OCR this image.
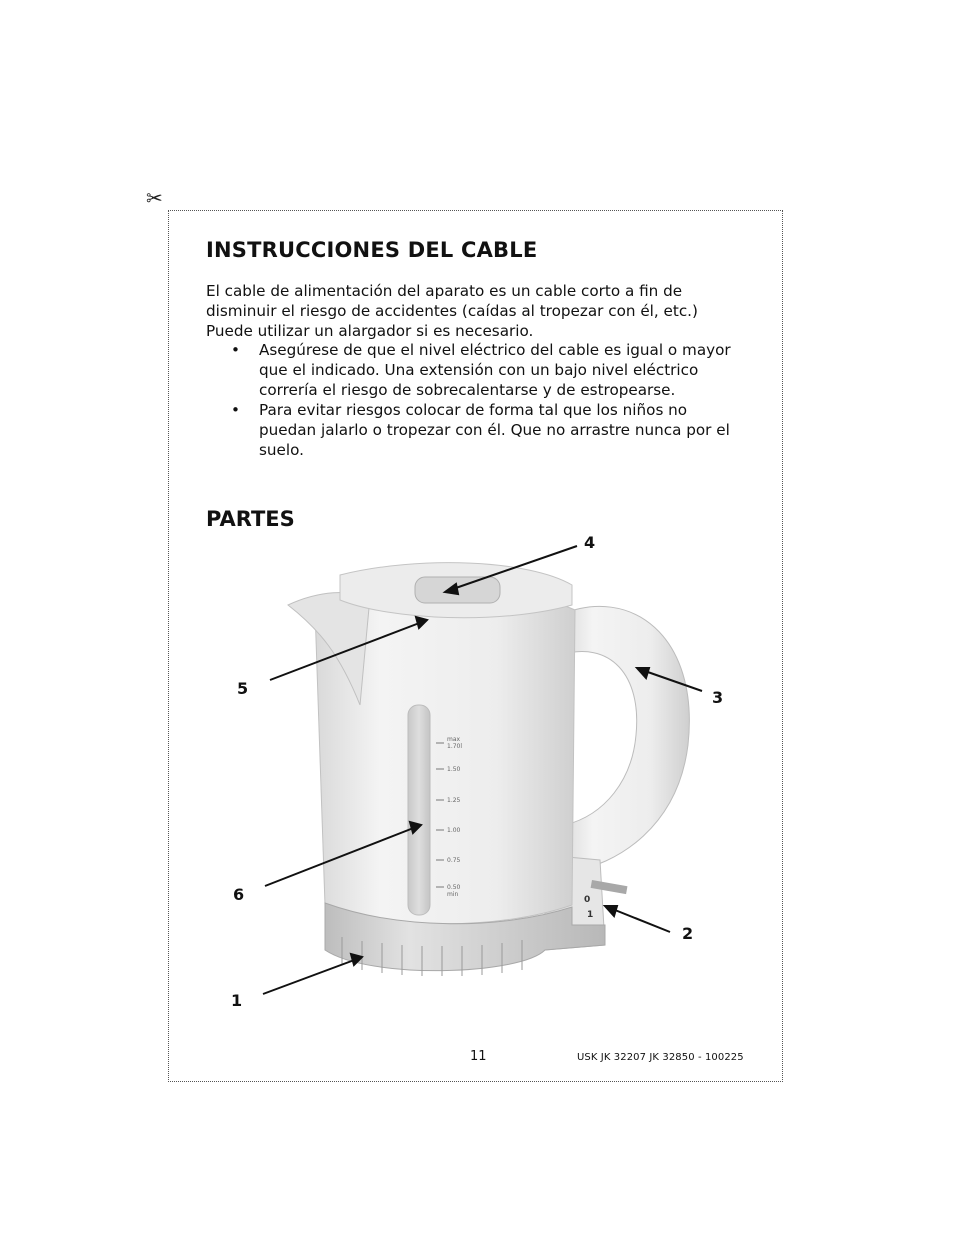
✂
INSTRUCCIONES DEL CABLE

El cable de alimentación del aparato es un cable corto a fin de disminuir el riesgo de accidentes (caídas al tropezar con él, etc.) Puede utilizar un alargador si es necesario.

• Asegúrese de que el nivel eléctrico del cable es igual o mayor que el indicado. Una extensión con un bajo nivel eléctrico correría el riesgo de sobrecalentarse y de estropearse.
• Para evitar riesgos colocar de forma tal que los niños no puedan jalarlo o tropezar con él. Que no arrastre nunca por el suelo.
PARTES
max
1.70l
1.50
1.25
1.00
0.75
0.50
min
0
1
4
5	3
6
2
1
11	USK JK 32207 JK 32850 - 100225
